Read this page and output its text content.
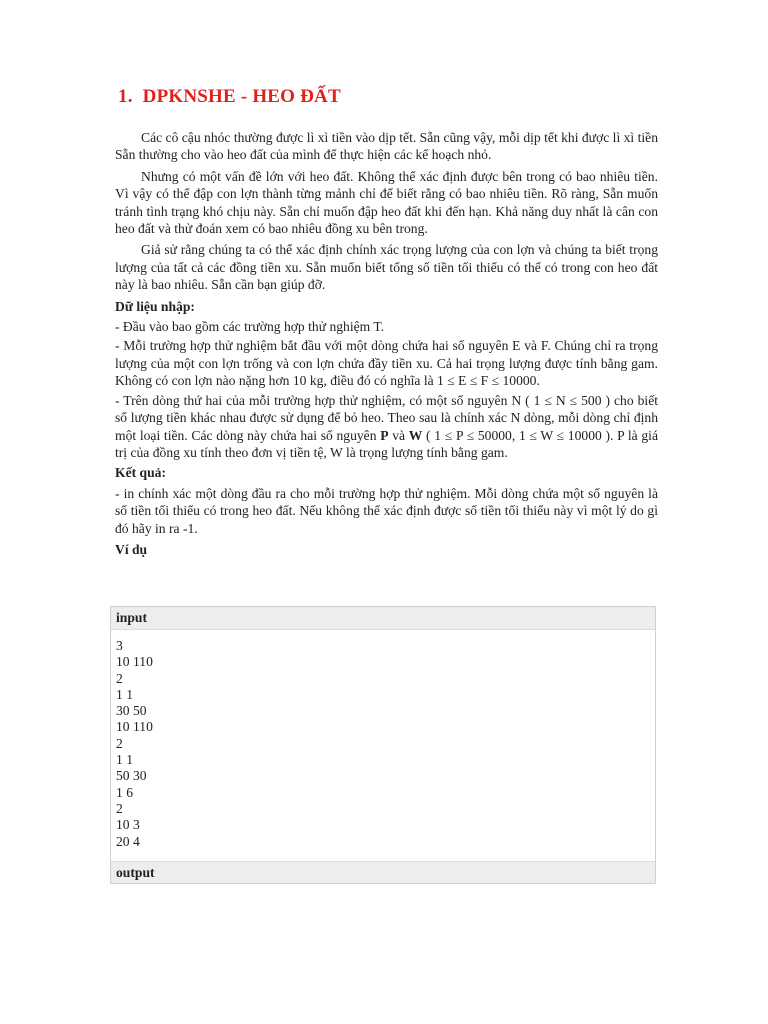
1. DPKNSHE - HEO ĐẤT

Các cô cậu nhóc thường được lì xì tiền vào dịp tết. Sẵn cũng vậy, mỗi dịp tết khi được lì xì tiền Sẵn thường cho vào heo đất của mình để thực hiện các kế hoạch nhỏ.

Nhưng có một vấn đề lớn với heo đất. Không thể xác định được bên trong có bao nhiêu tiền. Vì vậy có thể đập con lợn thành từng mảnh chỉ để biết rằng có bao nhiêu tiền. Rõ ràng, Sẵn muốn tránh tình trạng khó chịu này. Sẵn chỉ muốn đập heo đất khi đến hạn. Khả năng duy nhất là cân con heo đất và thử đoán xem có bao nhiêu đồng xu bên trong.

Giả sử rằng chúng ta có thể xác định chính xác trọng lượng của con lợn và chúng ta biết trọng lượng của tất cả các đồng tiền xu. Sẵn muốn biết tổng số tiền tối thiểu có thể có trong con heo đất này là bao nhiêu. Sẵn cần bạn giúp đỡ.

Dữ liệu nhập:

- Đầu vào bao gồm các trường hợp thử nghiệm T.

- Mỗi trường hợp thử nghiệm bắt đầu với một dòng chứa hai số nguyên E và F. Chúng chỉ ra trọng lượng của một con lợn trống và con lợn chứa đầy tiền xu. Cả hai trọng lượng được tính bằng gam. Không có con lợn nào nặng hơn 10 kg, điều đó có nghĩa là 1 ≤ E ≤ F ≤ 10000.

- Trên dòng thứ hai của mỗi trường hợp thử nghiệm, có một số nguyên N ( 1 ≤ N ≤ 500 ) cho biết số lượng tiền khác nhau được sử dụng để bỏ heo. Theo sau là chính xác N dòng, mỗi dòng chỉ định một loại tiền. Các dòng này chứa hai số nguyên P và W ( 1 ≤ P ≤ 50000, 1 ≤ W ≤ 10000 ). P là giá trị của đồng xu tính theo đơn vị tiền tệ, W là trọng lượng tính bằng gam.

Kết quả:

- in chính xác một dòng đầu ra cho mỗi trường hợp thử nghiệm. Mỗi dòng chứa một số nguyên là số tiền tối thiểu có trong heo đất. Nếu không thể xác định được số tiền tối thiểu này vì một lý do gì đó hãy in ra -1.

Ví dụ
input
3
10 110
2
1 1
30 50
10 110
2
1 1
50 30
1 6
2
10 3
20 4
output
